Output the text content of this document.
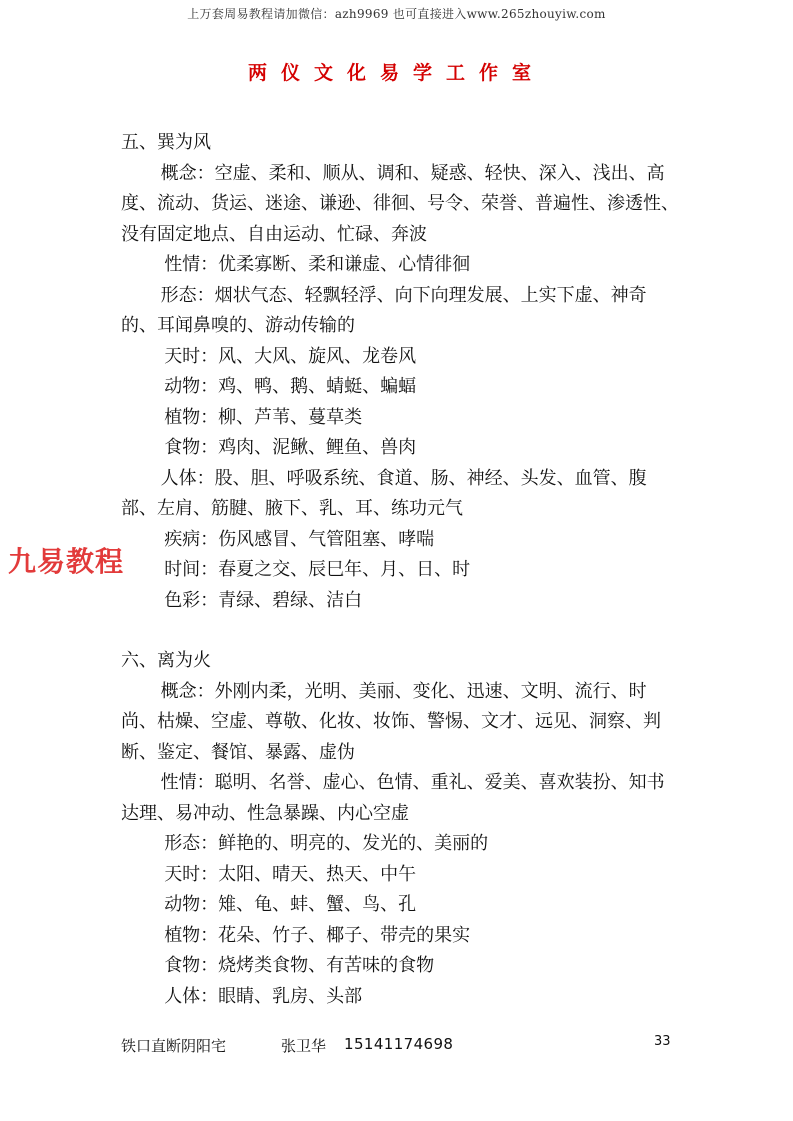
上万套周易教程请加微信：azh9969 也可直接进入www.265zhouyiw.com
两仪文化易学工作室

五、巽为风

概念：空虚、柔和、顺从、调和、疑惑、轻快、深入、浅出、高度、流动、货运、迷途、谦逊、徘徊、号令、荣誉、普遍性、渗透性、没有固定地点、自由运动、忙碌、奔波

性情：优柔寡断、柔和谦虚、心情徘徊

形态：烟状气态、轻飘轻浮、向下向理发展、上实下虚、神奇的、耳闻鼻嗅的、游动传输的

天时：风、大风、旋风、龙卷风

动物：鸡、鸭、鹅、蜻蜓、蝙蝠

植物：柳、芦苇、蔓草类

食物：鸡肉、泥鳅、鲤鱼、兽肉

人体：股、胆、呼吸系统、食道、肠、神经、头发、血管、腹部、左肩、筋腱、腋下、乳、耳、练功元气

疾病：伤风感冒、气管阻塞、哮喘

时间：春夏之交、辰巳年、月、日、时

色彩：青绿、碧绿、洁白

六、离为火

概念：外刚内柔，光明、美丽、变化、迅速、文明、流行、时尚、枯燥、空虚、尊敬、化妆、妆饰、警惕、文才、远见、洞察、判断、鉴定、餐馆、暴露、虚伪

性情：聪明、名誉、虚心、色情、重礼、爱美、喜欢装扮、知书达理、易冲动、性急暴躁、内心空虚

形态：鲜艳的、明亮的、发光的、美丽的

天时：太阳、晴天、热天、中午

动物：雉、龟、蚌、蟹、鸟、孔

植物：花朵、竹子、椰子、带壳的果实

食物：烧烤类食物、有苦味的食物

人体：眼睛、乳房、头部

九易教程
铁口直断阴阳宅	张卫华 15141174698	33
